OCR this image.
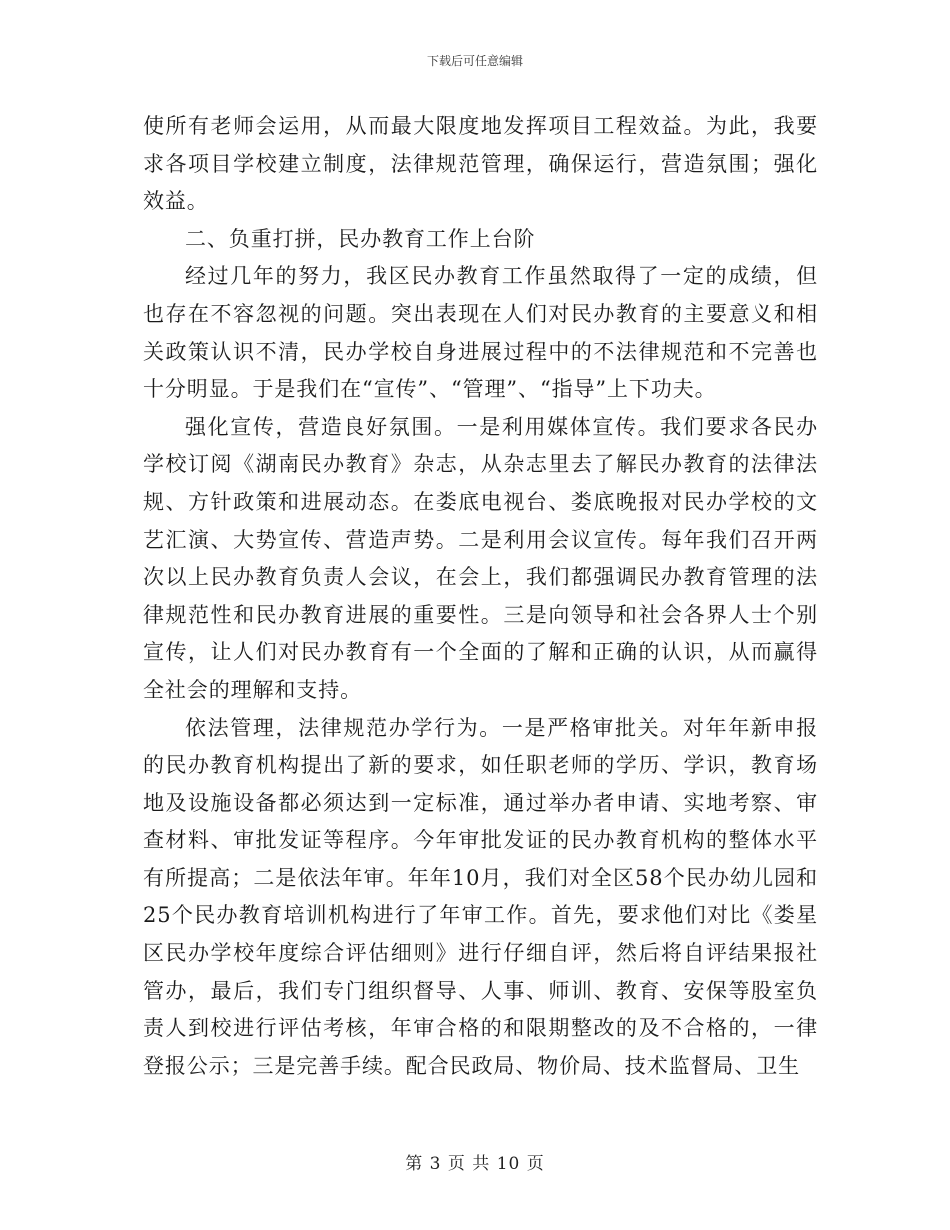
下载后可任意编辑

使所有老师会运用，从而最大限度地发挥项目工程效益。为此，我要求各项目学校建立制度，法律规范管理，确保运行，营造氛围；强化效益。

二、负重打拼，民办教育工作上台阶

经过几年的努力，我区民办教育工作虽然取得了一定的成绩，但也存在不容忽视的问题。突出表现在人们对民办教育的主要意义和相关政策认识不清，民办学校自身进展过程中的不法律规范和不完善也十分明显。于是我们在“宣传”、“管理”、“指导”上下功夫。

强化宣传，营造良好氛围。一是利用媒体宣传。我们要求各民办学校订阅《湖南民办教育》杂志，从杂志里去了解民办教育的法律法规、方针政策和进展动态。在娄底电视台、娄底晚报对民办学校的文艺汇演、大势宣传、营造声势。二是利用会议宣传。每年我们召开两次以上民办教育负责人会议，在会上，我们都强调民办教育管理的法律规范性和民办教育进展的重要性。三是向领导和社会各界人士个别宣传，让人们对民办教育有一个全面的了解和正确的认识，从而赢得全社会的理解和支持。

依法管理，法律规范办学行为。一是严格审批关。对年年新申报的民办教育机构提出了新的要求，如任职老师的学历、学识，教育场地及设施设备都必须达到一定标准，通过举办者申请、实地考察、审查材料、审批发证等程序。今年审批发证的民办教育机构的整体水平有所提高；二是依法年审。年年10月，我们对全区58个民办幼儿园和25个民办教育培训机构进行了年审工作。首先，要求他们对比《娄星区民办学校年度综合评估细则》进行仔细自评，然后将自评结果报社管办，最后，我们专门组织督导、人事、师训、教育、安保等股室负责人到校进行评估考核，年审合格的和限期整改的及不合格的，一律登报公示；三是完善手续。配合民政局、物价局、技术监督局、卫生

第 3 页 共 10 页
